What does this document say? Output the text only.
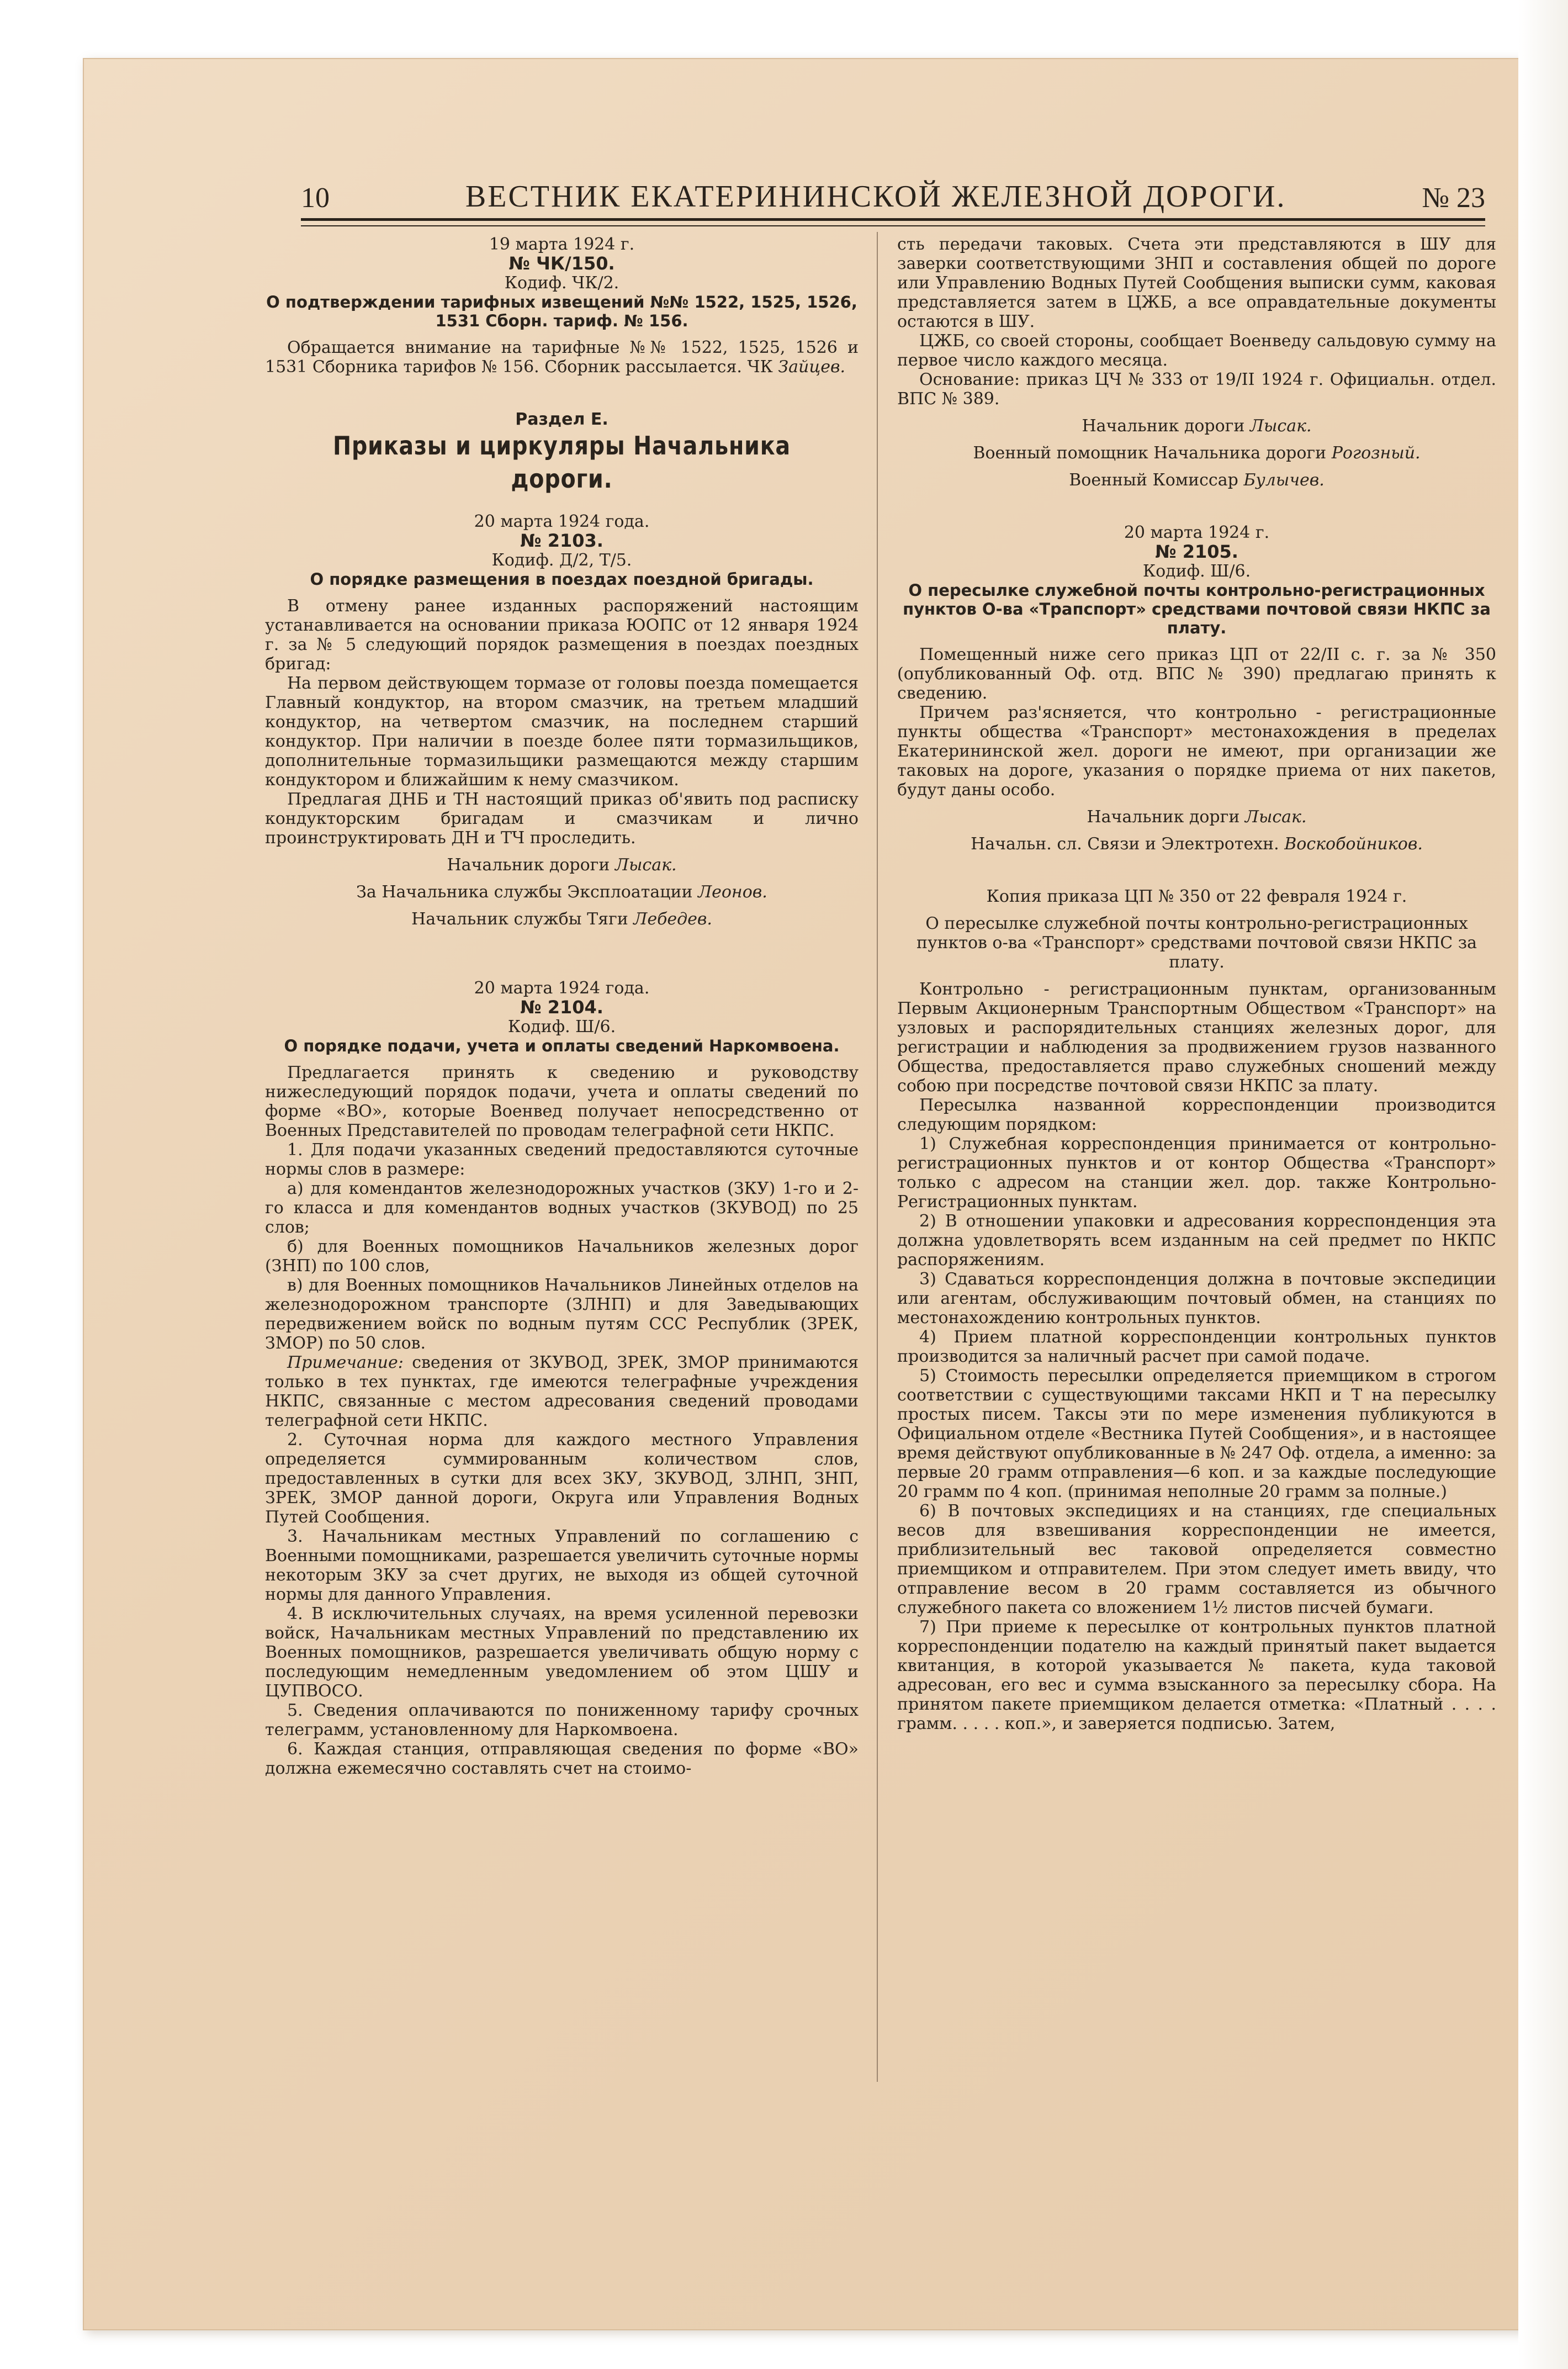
10	ВЕСТНИК ЕКАТЕРИНИНСКОЙ ЖЕЛЕЗНОЙ ДОРОГИ.	№ 23
19 марта 1924 г.
№ ЧК/150.
Кодиф. ЧК/2.
О подтверждении тарифных извещений №№ 1522, 1525, 1526, 1531 Сборн. тариф. № 156.

Обращается внимание на тарифные №№ 1522, 1525, 1526 и 1531 Сборника тарифов № 156. Сборник рассылается. ЧК Зайцев.

Раздел Е.
Приказы и циркуляры Начальника дороги.
20 марта 1924 года.
№ 2103.
Кодиф. Д/2, Т/5.
О порядке размещения в поездах поездной бригады.

В отмену ранее изданных распоряжений настоящим устанавливается на основании приказа ЮОПС от 12 января 1924 г. за № 5 следующий порядок размещения в поездах поездных бригад:

На первом действующем тормазе от головы поезда помещается Главный кондуктор, на втором смазчик, на третьем младший кондуктор, на четвертом смазчик, на последнем старший кондуктор. При наличии в поезде более пяти тормазильщиков, дополнительные тормазильщики размещаются между старшим кондуктором и ближайшим к нему смазчиком.

Предлагая ДНБ и ТН настоящий приказ об'явить под расписку кондукторским бригадам и смазчикам и лично проинструктировать ДН и ТЧ проследить.

Начальник дороги Лысак.

За Начальника службы Эксплоатации Леонов.

Начальник службы Тяги Лебедев.

20 марта 1924 года.
№ 2104.
Кодиф. Ш/6.
О порядке подачи, учета и оплаты сведений Наркомвоена.

Предлагается принять к сведению и руководству нижеследующий порядок подачи, учета и оплаты сведений по форме «ВО», которые Военвед получает непосредственно от Военных Представителей по проводам телеграфной сети НКПС.

1. Для подачи указанных сведений предоставляются суточные нормы слов в размере:

а) для комендантов железнодорожных участков (ЗКУ) 1-го и 2-го класса и для комендантов водных участков (ЗКУВОД) по 25 слов;

б) для Военных помощников Начальников железных дорог (ЗНП) по 100 слов,

в) для Военных помощников Начальников Линейных отделов на железнодорожном транспорте (ЗЛНП) и для Заведывающих передвижением войск по водным путям ССС Республик (ЗРЕК, ЗМОР) по 50 слов.

Примечание: сведения от ЗКУВОД, ЗРЕК, ЗМОР принимаются только в тех пунктах, где имеются телеграфные учреждения НКПС, связанные с местом адресования сведений проводами телеграфной сети НКПС.

2. Суточная норма для каждого местного Управления определяется суммированным количеством слов, предоставленных в сутки для всех ЗКУ, ЗКУВОД, ЗЛНП, ЗНП, ЗРЕК, ЗМОР данной дороги, Округа или Управления Водных Путей Сообщения.

3. Начальникам местных Управлений по соглашению с Военными помощниками, разрешается увеличить суточные нормы некоторым ЗКУ за счет других, не выходя из общей суточной нормы для данного Управления.

4. В исключительных случаях, на время усиленной перевозки войск, Начальникам местных Управлений по представлению их Военных помощников, разрешается увеличивать общую норму с последующим немедленным уведомлением об этом ЦШУ и ЦУПВОСО.

5. Сведения оплачиваются по пониженному тарифу срочных телеграмм, установленному для Наркомвоена.

6. Каждая станция, отправляющая сведения по форме «ВО» должна ежемесячно составлять счет на стоимо-

сть передачи таковых. Счета эти представляются в ШУ для заверки соответствующими ЗНП и составления общей по дороге или Управлению Водных Путей Сообщения выписки сумм, каковая представляется затем в ЦЖБ, а все оправдательные документы остаются в ШУ.

ЦЖБ, со своей стороны, сообщает Военведу сальдовую сумму на первое число каждого месяца.

Основание: приказ ЦЧ № 333 от 19/II 1924 г. Официальн. отдел. ВПС № 389.

Начальник дороги Лысак.

Военный помощник Начальника дороги Рогозный.

Военный Комиссар Булычев.

20 марта 1924 г.
№ 2105.
Кодиф. Ш/6.
О пересылке служебной почты контрольно-регистрационных пунктов О-ва «Трапспорт» средствами почтовой связи НКПС за плату.

Помещенный ниже сего приказ ЦП от 22/II с. г. за № 350 (опубликованный Оф. отд. ВПС № 390) предлагаю принять к сведению.

Причем раз'ясняется, что контрольно - регистрационные пункты общества «Транспорт» местонахождения в пределах Екатерининской жел. дороги не имеют, при организации же таковых на дороге, указания о порядке приема от них пакетов, будут даны особо.

Начальник дорги Лысак.

Начальн. сл. Связи и Электротехн. Воскобойников.

Копия приказа ЦП № 350 от 22 февраля 1924 г.
О пересылке служебной почты контрольно-регистрационных пунктов о-ва «Транспорт» средствами почтовой связи НКПС за плату.

Контрольно - регистрационным пунктам, организованным Первым Акционерным Транспортным Обществом «Транспорт» на узловых и распорядительных станциях железных дорог, для регистрации и наблюдения за продвижением грузов названного Общества, предоставляется право служебных сношений между собою при посредстве почтовой связи НКПС за плату.

Пересылка названной корреспонденции производится следующим порядком:

1) Служебная корреспонденция принимается от контрольно-регистрационных пунктов и от контор Общества «Транспорт» только с адресом на станции жел. дор. также Контрольно-Регистрационных пунктам.

2) В отношении упаковки и адресования корреспонденция эта должна удовлетворять всем изданным на сей предмет по НКПС распоряжениям.

3) Сдаваться корреспонденция должна в почтовые экспедиции или агентам, обслуживающим почтовый обмен, на станциях по местонахождению контрольных пунктов.

4) Прием платной корреспонденции контрольных пунктов производится за наличный расчет при самой подаче.

5) Стоимость пересылки определяется приемщиком в строгом соответствии с существующими таксами НКП и Т на пересылку простых писем. Таксы эти по мере изменения публикуются в Официальном отделе «Вестника Путей Сообщения», и в настоящее время действуют опубликованные в № 247 Оф. отдела, а именно: за первые 20 грамм отправления—6 коп. и за каждые последующие 20 грамм по 4 коп. (принимая неполные 20 грамм за полные.)

6) В почтовых экспедициях и на станциях, где специальных весов для взвешивания корреспонденции не имеется, приблизительный вес таковой определяется совместно приемщиком и отправителем. При этом следует иметь ввиду, что отправление весом в 20 грамм составляется из обычного служебного пакета со вложением 1½ листов писчей бумаги.

7) При приеме к пересылке от контрольных пунктов платной корреспонденции подателю на каждый принятый пакет выдается квитанция, в которой указывается № пакета, куда таковой адресован, его вес и сумма взысканного за пересылку сбора. На принятом пакете приемщиком делается отметка: «Платный . . . . грамм. . . . . коп.», и заверяется подписью. Затем,
